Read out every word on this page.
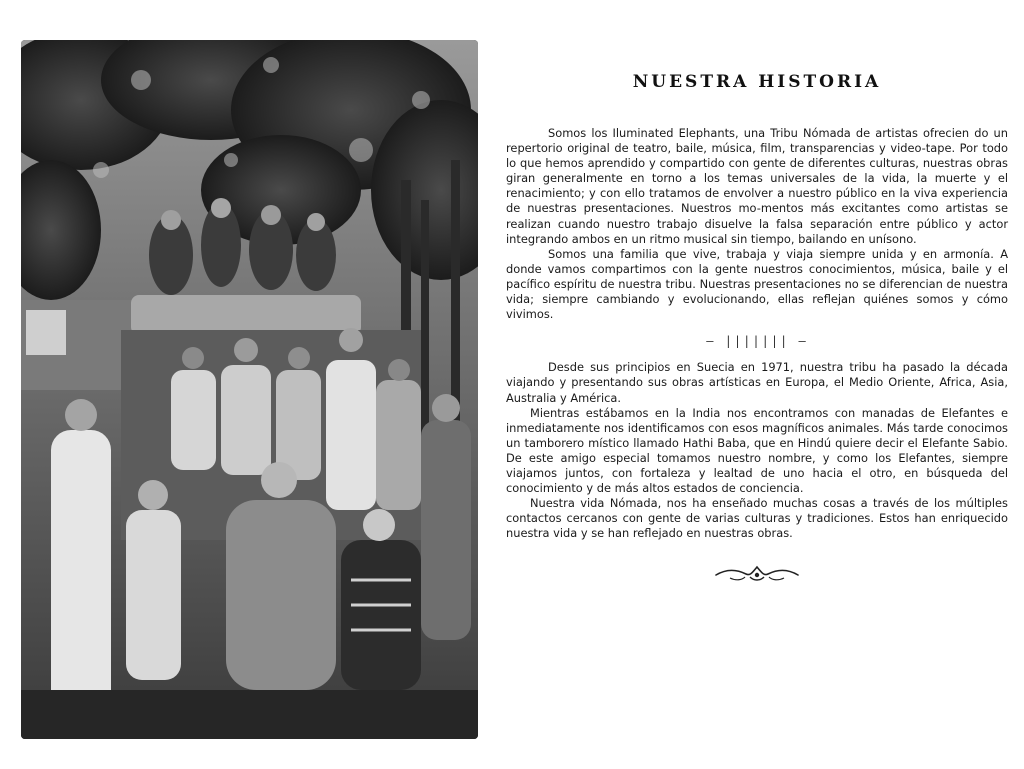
NUESTRA HISTORIA

Somos los Iluminated Elephants, una Tribu Nómada de artistas ofrecien do un repertorio original de teatro, baile, música, film, transparencias y video-tape. Por todo lo que hemos aprendido y compartido con gente de diferentes culturas, nuestras obras giran generalmente en torno a los temas universales de la vida, la muerte y el renacimiento; y con ello tratamos de envolver a nuestro público en la viva experiencia de nuestras presentaciones. Nuestros mo-mentos más excitantes como artistas se realizan cuando nuestro trabajo disuelve la falsa separación entre público y actor integrando ambos en un ritmo musical sin tiempo, bailando en unísono.

Somos una familia que vive, trabaja y viaja siempre unida y en armonía. A donde vamos compartimos con la gente nuestros conocimientos, música, baile y el pacífico espíritu de nuestra tribu. Nuestras presentaciones no se diferencian de nuestra vida; siempre cambiando y evolucionando, ellas reflejan quiénes somos y cómo vivimos.

— ||||||| —

Desde sus principios en Suecia en 1971, nuestra tribu ha pasado la década viajando y presentando sus obras artísticas en Europa, el Medio Oriente, Africa, Asia, Australia y América.

Mientras estábamos en la India nos encontramos con manadas de Elefantes e inmediatamente nos identificamos con esos magníficos animales. Más tarde conocimos un tamborero místico llamado Hathi Baba, que en Hindú quiere decir el Elefante Sabio. De este amigo especial tomamos nuestro nombre, y como los Elefantes, siempre viajamos juntos, con fortaleza y lealtad de uno hacia el otro, en búsqueda del conocimiento y de más altos estados de conciencia.

Nuestra vida Nómada, nos ha enseñado muchas cosas a través de los múltiples contactos cercanos con gente de varias culturas y tradiciones. Estos han enriquecido nuestra vida y se han reflejado en nuestras obras.
